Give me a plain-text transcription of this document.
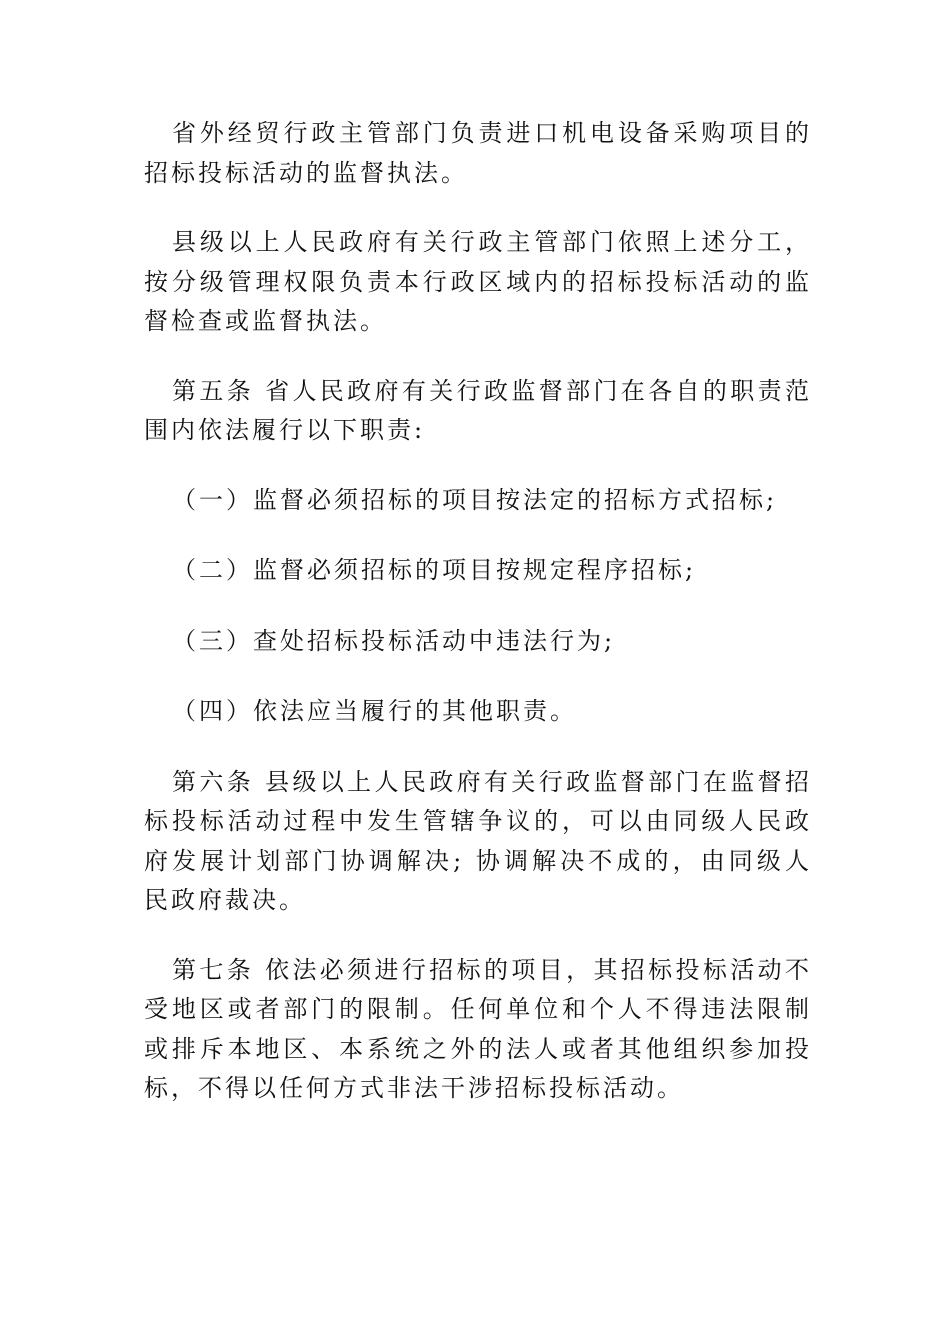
省外经贸行政主管部门负责进口机电设备采购项目的招标投标活动的监督执法。

县级以上人民政府有关行政主管部门依照上述分工，按分级管理权限负责本行政区域内的招标投标活动的监督检查或监督执法。

第五条 省人民政府有关行政监督部门在各自的职责范围内依法履行以下职责:

（一）监督必须招标的项目按法定的招标方式招标;

（二）监督必须招标的项目按规定程序招标;

（三）查处招标投标活动中违法行为;

（四）依法应当履行的其他职责。

第六条 县级以上人民政府有关行政监督部门在监督招标投标活动过程中发生管辖争议的，可以由同级人民政府发展计划部门协调解决; 协调解决不成的，由同级人民政府裁决。

第七条 依法必须进行招标的项目，其招标投标活动不受地区或者部门的限制。任何单位和个人不得违法限制或排斥本地区、本系统之外的法人或者其他组织参加投标，不得以任何方式非法干涉招标投标活动。
